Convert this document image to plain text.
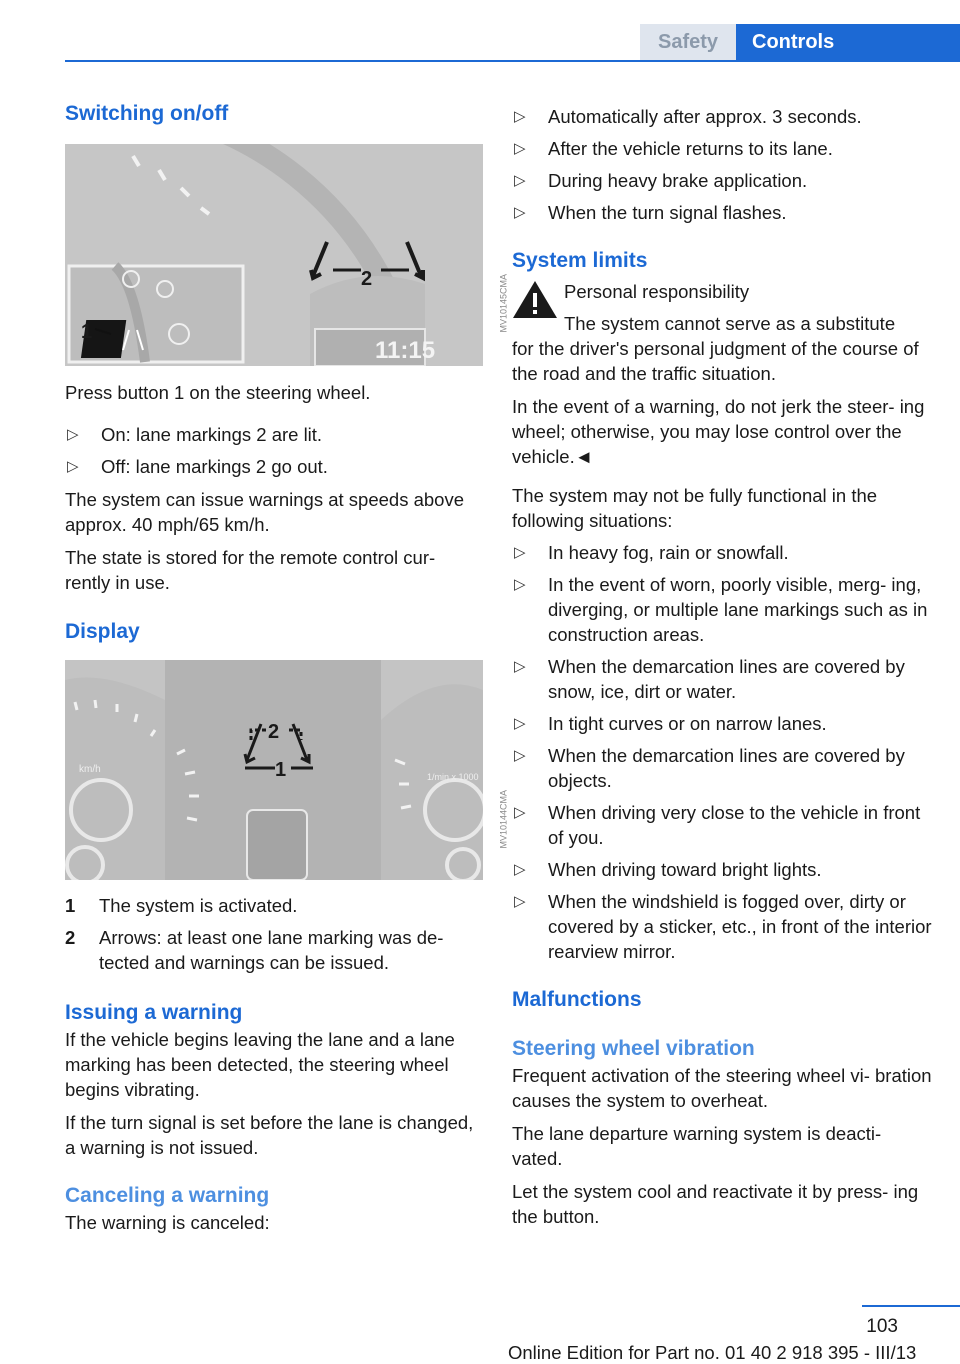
Safety	Controls
Switching on/off
11:15
2
1	MV10145CMA

Press button 1 on the steering wheel.

▷	On: lane markings 2 are lit.
▷	Off: lane markings 2 go out.

The system can issue warnings at speeds above approx. 40 mph/65 km/h.

The state is stored for the remote control cur‐ rently in use.

Display
km/h
1/min x 1000
2
1
MV10144CMA
1	The system is activated.
2	Arrows: at least one lane marking was de‐ tected and warnings can be issued.
Issuing a warning

If the vehicle begins leaving the lane and a lane marking has been detected, the steering wheel begins vibrating.

If the turn signal is set before the lane is changed, a warning is not issued.

Canceling a warning

The warning is canceled:

▷	Automatically after approx. 3 seconds.
▷	After the vehicle returns to its lane.
▷	During heavy brake application.
▷	When the turn signal flashes.
System limits

Personal responsibility

The system cannot serve as a substitute

for the driver's personal judgment of the course of the road and the traffic situation.

In the event of a warning, do not jerk the steer‐ ing wheel; otherwise, you may lose control over the vehicle.◄

The system may not be fully functional in the following situations:

▷	In heavy fog, rain or snowfall.
▷	In the event of worn, poorly visible, merg‐ ing, diverging, or multiple lane markings such as in construction areas.
▷	When the demarcation lines are covered by snow, ice, dirt or water.
▷	In tight curves or on narrow lanes.
▷	When the demarcation lines are covered by objects.
▷	When driving very close to the vehicle in front of you.
▷	When driving toward bright lights.
▷	When the windshield is fogged over, dirty or covered by a sticker, etc., in front of the interior rearview mirror.
Malfunctions
Steering wheel vibration

Frequent activation of the steering wheel vi‐ bration causes the system to overheat.

The lane departure warning system is deacti‐ vated.

Let the system cool and reactivate it by press‐ ing the button.

103
Online Edition for Part no. 01 40 2 918 395 - III/13
